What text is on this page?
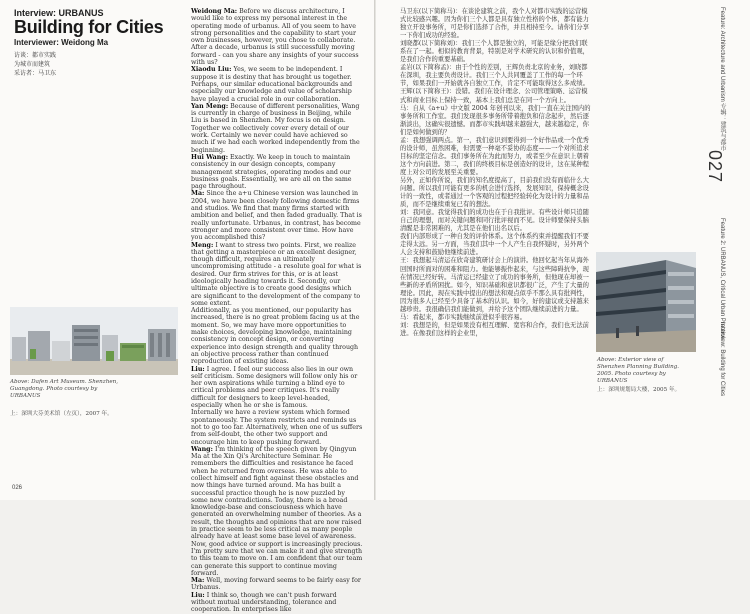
Interview: URBANUS
Building for Cities
Interviewer: Weidong Ma
访谈：都市实践
为城市而建筑
采访者：马卫东

Weidong Ma: Before we discuss architecture, I would like to express my personal interest in the operating mode of urbanus. All of you seem to have strong personalities and the capability to start your own businesses, however, you chose to collaborate. After a decade, urbanus is still successfully moving forward - can you share any insights of your success with us?

Xiaodu Liu: Yes, we seem to be independent. I suppose it is destiny that has brought us together. Perhaps, our similar educational backgrounds and especially our knowledge and value of scholarship have played a crucial role in our collaboration.

Yan Meng: Because of different personalities, Wang is currently in charge of business in Beijing, while Liu is based in Shenzhen. My focus is on design. Together we collectively cover every detail of our work. Certainly we never could have achieved so much if we had each worked independently from the beginning.

Hui Wang: Exactly. We keep in touch to maintain consistency in our design concepts, company management strategies, operating modes and our business goals. Essentially, we are all on the same page throughout.

Ma: Since the a+u Chinese version was launched in 2004, we have been closely following domestic firms and studios. We find that many firms started with ambition and belief, and then faded gradually. That is really unfortunate. Urbanus, in contrast, has become stronger and more consistent over time. How have you accomplished this?

Meng: I want to stress two points. First, we realize that getting a masterpiece or an excellent designer, though difficult, requires an ultimately uncompromising attitude - a resolute goal for what is desired. Our firm strives for this, or is at least ideologically heading towards it. Secondly, our ultimate objective is to create good designs which are significant to the development of the company to some extent.

Additionally, as you mentioned, our popularity has increased, there is no great problem facing us at the moment. So, we may have more opportunities to make choices, developing knowledge, maintaining consistency in concept design, or converting experience into design strength and quality through an objective process rather than continued reproduction of existing ideas.

Liu: I agree. I feel our success also lies in our own self criticism. Some designers will follow only his or her own aspirations while turning a blind eye to critical problems and peer critiques. It's really difficult for designers to keep level-headed, especially when he or she is famous.

Internally we have a review system which formed spontaneously. The system restricts and reminds us not to go too far. Alternatively, when one of us suffers from self-doubt, the other two support and encourage him to keep pushing forward.

Wang: I'm thinking of the speech given by Qingyun Ma at the Xin Qi's Architecture Seminar. He remembers the difficulties and resistance he faced when he returned from overseas. He was able to collect himself and fight against these obstacles and now things have turned around. Ma has built a successful practice though he is now puzzled by some new contradictions. Today, there is a broad knowledge-base and consciousness which have generated an overwhelming number of theories. As a result, the thoughts and opinions that are now raised in practice seem to be less critical as many people already have at least some base level of awareness. Now, good advice or support is increasingly precious. I'm pretty sure that we can make it and give strength to this team to move on. I am confident that our team can generate this support to continue moving forward.

Ma: Well, moving forward seems to be fairly easy for Urbanus.

Liu: I think so, though we can't push forward without mutual understanding, tolerance and cooperation. In enterprises like

Above: Dafen Art Museum. Shenzhen, Guangdong. Photo courtesy by URBANUS
上：深圳大芬美术馆（左页），2007 年。
026

马卫东(以下简称马)：在谈论建筑之前，我个人对都市实践的运营模式比较感兴趣。因为你们三个人都是具有独立性格的个体，都有能力独立开设事务所，可是你们选择了合作，并且相持至今。请你们分享一下你们成功的经验。

刘晓都(以下简称刘)：我们三个人都是独立的，可能是缘分把我们联系在了一起。相似的教育背景，特别是对学术研究的认识和价值观，是我们合作的重要基础。

孟岩(以下简称孟)：由于个性的差别，王辉负责北京的业务，刘晓都在深圳，我主要负责设计。我们三个人共同覆盖了工作的每一个环节，如果我们一开始就各自独立工作，肯定不可能取得这么多成绩。

王辉(以下简称王)：没错。我们在设计理念、公司管理策略、运营模式和商业目标上保持一致，基本上我们总是在同一个方向上。

马：自从《a+u》中文版 2004 年创刊以来，我们一直在关注国内的事务所和工作室。我们发现很多事务所带着抱负和信念起步，然后逐渐淡出，这确实很遗憾。而都市实践却越来越强大，越来越稳定，你们是如何做到的？

孟：我想强调两点。第一，我们意识到要得到一个好作品或一个优秀的设计师，虽然困难，但需要一种毫不妥协的态度——一个对所追求目标的坚定信念。我们事务所在为此而努力，或者至少在意识上朝着这个方向前进。第二，我们的终极目标是创造好的设计，这在某种程度上对公司的发展至关重要。

另外，正如你所说，我们的知名度提高了，目前我们没有面临什么大问题。所以我们可能有更多的机会进行选择，发展知识，保持概念设计的一致性，或者通过一个客观的过程把经验转化为设计的力量和品质，而不是继续重复已有的想法。

刘：我同意。我觉得我们的成功也在于自我批评。有些设计师只追随自己的理想，而对关键问题和同行批评视而不见。设计师要保持头脑清醒是非常困难的，尤其是在他们出名以后。

我们内部形成了一种自发的评价体系。这个体系约束并提醒我们不要走得太远。另一方面，当我们其中一个人产生自我怀疑时，另外两个人会支持和鼓励他继续前进。

王：我想起马清运在欣奇建筑研讨会上的演讲。他回忆起当年从海外回国时所面对的困难和阻力。他能够振作起来，与这些障碍抗争，现在情况已经好转。马清运已经建立了成功的事务所，但他现在却被一些新的矛盾所困扰。如今，知识基础和意识都很广泛，产生了大量的理论。因此，现在实践中提出的想法和观点似乎不那么具有批判性，因为很多人已经至少具备了基本的认识。如今，好的建议或支持越来越珍贵。我很确信我们能做到，并给予这个团队继续前进的力量。

马：看起来，都市实践继续前进似乎很容易。

刘：我想是的，但是如果没有相互理解、宽容和合作，我们也无法前进。在像我们这样的企业里，

Above: Exterior view of Shenzhen Planning Building. 2005. Photo courtesy by URBANUS
上：深圳规划局大楼，2005 年。
Feature: Architecture and Urbanism 专辑：建筑与都市
027
Feature 2: URBANUS, Critical Urban Practice
Interview: Building for Cities
